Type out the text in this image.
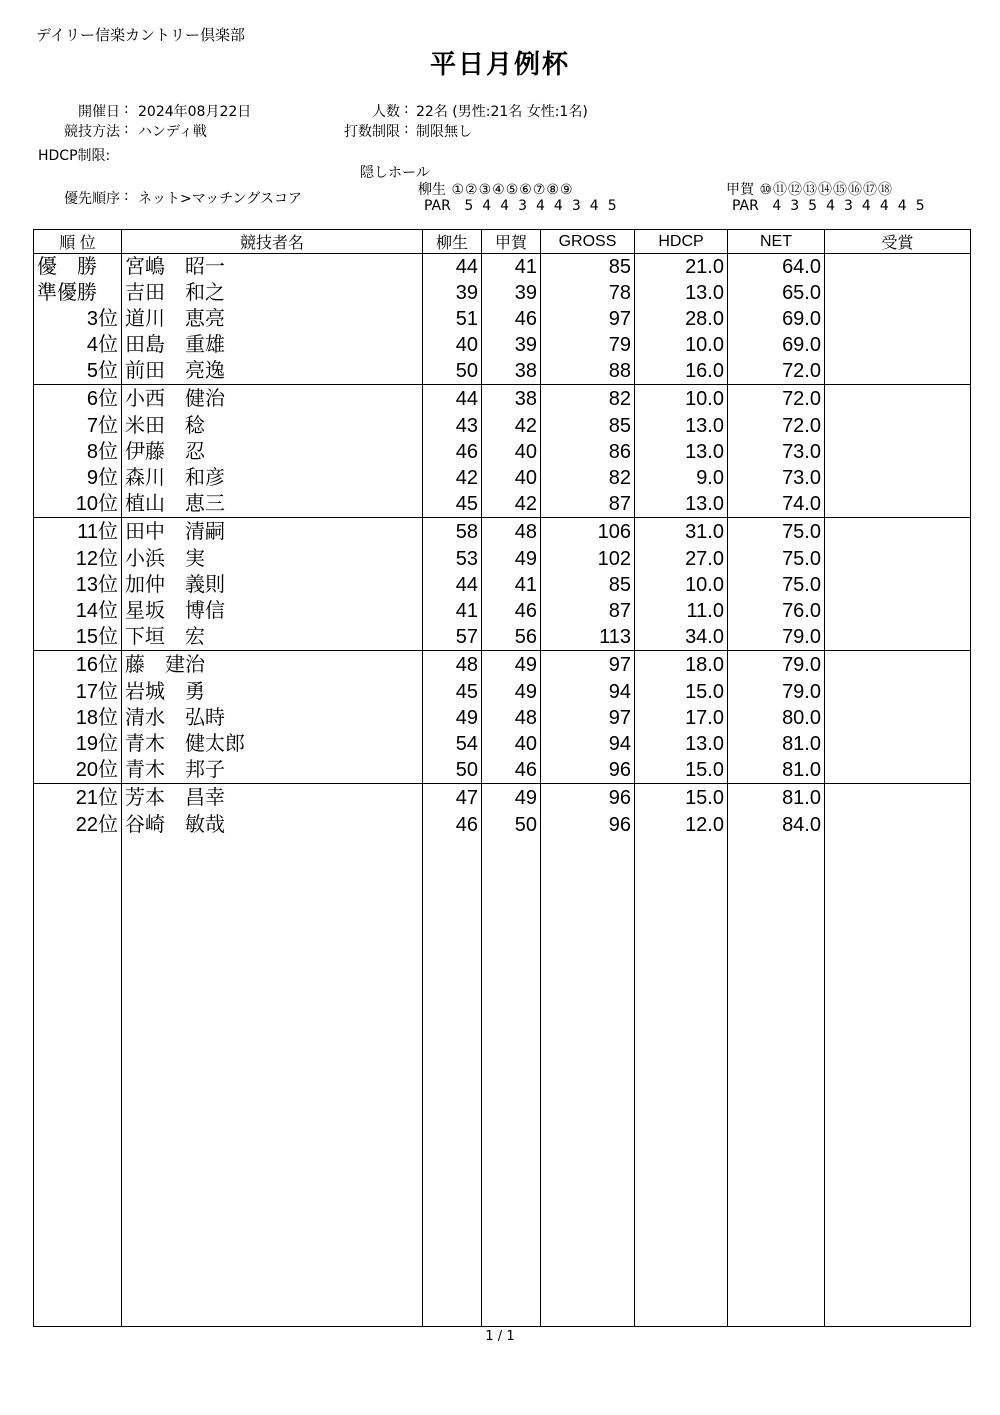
デイリー信楽カントリー倶楽部
平日月例杯
開催日 : 2024年08月22日
競技方法 : ハンディ戦
HDCP制限:
優先順序 : ネット>マッチングスコア
人数 : 22名 (男性:21名 女性:1名)
打数制限 : 制限無し
隠しホール
柳生 ①②③④⑤⑥⑦⑧⑨
PAR 5 4 4 3 4 4 3 4 5
甲賀 ⑩⑪⑫⑬⑭⑮⑯⑰⑱
PAR 4 3 5 4 3 4 4 4 5
順 位	競技者名	柳生	甲賀	GROSS	HDCP	NET	受賞
優　勝	宮嶋　昭一	44	41	85	21.0	64.0	
準優勝	吉田　和之	39	39	78	13.0	65.0	
3位	道川　恵亮	51	46	97	28.0	69.0	
4位	田島　重雄	40	39	79	10.0	69.0	
5位	前田　亮逸	50	38	88	16.0	72.0	
6位	小西　健治	44	38	82	10.0	72.0	
7位	米田　稔	43	42	85	13.0	72.0	
8位	伊藤　忍	46	40	86	13.0	73.0	
9位	森川　和彦	42	40	82	9.0	73.0	
10位	植山　恵三	45	42	87	13.0	74.0	
11位	田中　清嗣	58	48	106	31.0	75.0	
12位	小浜　実	53	49	102	27.0	75.0	
13位	加仲　義則	44	41	85	10.0	75.0	
14位	星坂　博信	41	46	87	11.0	76.0	
15位	下垣　宏	57	56	113	34.0	79.0	
16位	藤　建治	48	49	97	18.0	79.0	
17位	岩城　勇	45	49	94	15.0	79.0	
18位	清水　弘時	49	48	97	17.0	80.0	
19位	青木　健太郎	54	40	94	13.0	81.0	
20位	青木　邦子	50	46	96	15.0	81.0	
21位	芳本　昌幸	47	49	96	15.0	81.0	
22位	谷崎　敏哉	46	50	96	12.0	84.0	

1 / 1
